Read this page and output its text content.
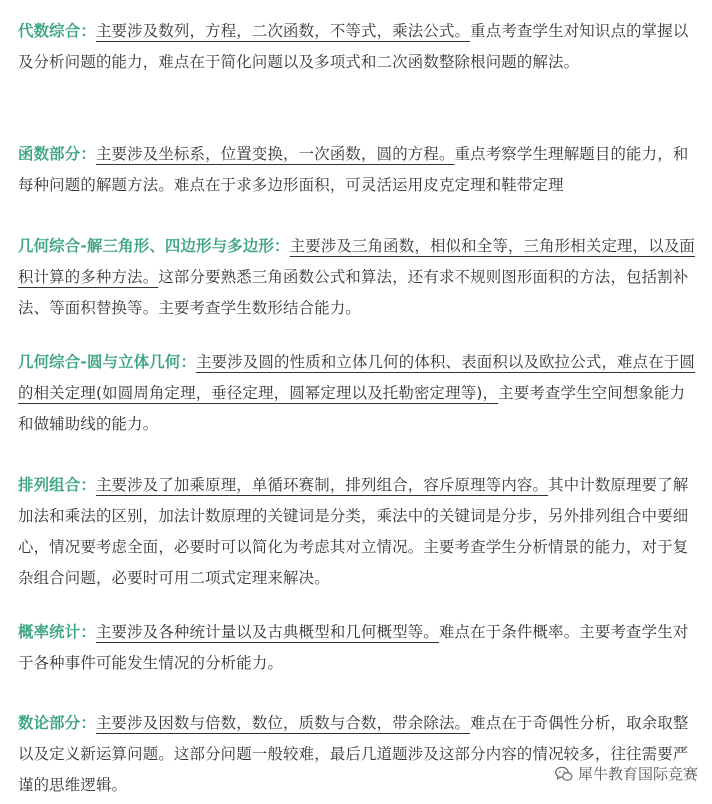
代数综合：主要涉及数列，方程，二次函数，不等式，乘法公式。重点考查学生对知识点的掌握以及分析问题的能力，难点在于简化问题以及多项式和二次函数整除根问题的解法。

函数部分：主要涉及坐标系，位置变换，一次函数，圆的方程。重点考察学生理解题目的能力，和每种问题的解题方法。难点在于求多边形面积，可灵活运用皮克定理和鞋带定理

几何综合-解三角形、四边形与多边形：主要涉及三角函数，相似和全等，三角形相关定理，以及面积计算的多种方法。这部分要熟悉三角函数公式和算法，还有求不规则图形面积的方法，包括割补法、等面积替换等。主要考查学生数形结合能力。

几何综合-圆与立体几何：主要涉及圆的性质和立体几何的体积、表面积以及欧拉公式，难点在于圆的相关定理(如圆周角定理，垂径定理，圆幂定理以及托勒密定理等)，主要考查学生空间想象能力和做辅助线的能力。

排列组合：主要涉及了加乘原理，单循环赛制，排列组合，容斥原理等内容。其中计数原理要了解加法和乘法的区别，加法计数原理的关键词是分类，乘法中的关键词是分步，另外排列组合中要细心，情况要考虑全面，必要时可以简化为考虑其对立情况。主要考查学生分析情景的能力，对于复杂组合问题，必要时可用二项式定理来解决。

概率统计：主要涉及各种统计量以及古典概型和几何概型等。难点在于条件概率。主要考查学生对于各种事件可能发生情况的分析能力。

数论部分：主要涉及因数与倍数，数位，质数与合数，带余除法。难点在于奇偶性分析，取余取整以及定义新运算问题。这部分问题一般较难，最后几道题涉及这部分内容的情况较多，往往需要严谨的思维逻辑。

犀牛教育国际竞赛
